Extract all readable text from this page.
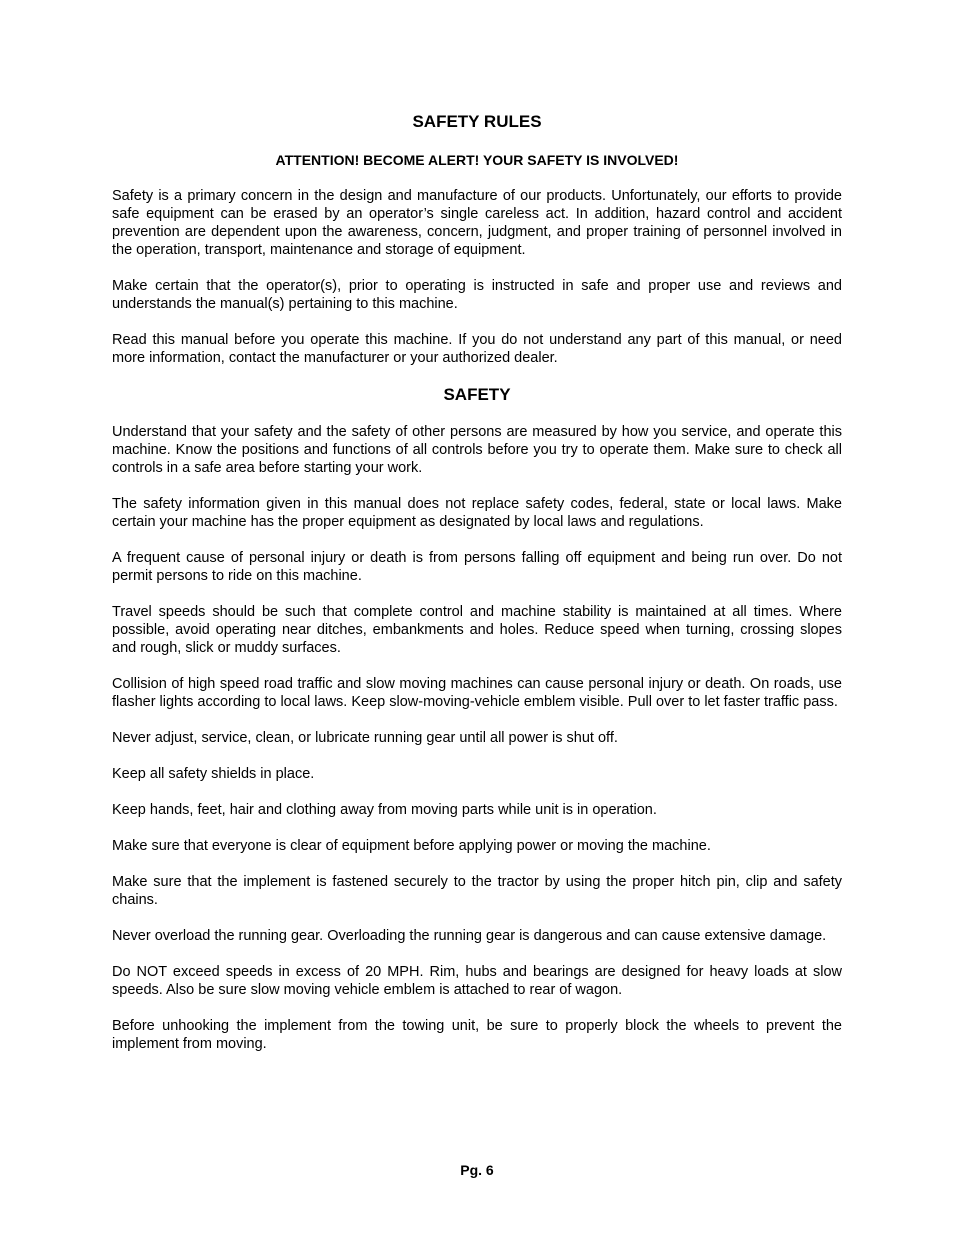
SAFETY RULES

ATTENTION! BECOME ALERT! YOUR SAFETY IS INVOLVED!

Safety is a primary concern in the design and manufacture of our products. Unfortunately, our efforts to provide safe equipment can be erased by an operator’s single careless act. In addition, hazard control and accident prevention are dependent upon the awareness, concern, judgment, and proper training of personnel involved in the operation, transport, maintenance and storage of equipment.

Make certain that the operator(s), prior to operating is instructed in safe and proper use and reviews and understands the manual(s) pertaining to this machine.

Read this manual before you operate this machine. If you do not understand any part of this manual, or need more information, contact the manufacturer or your authorized dealer.

SAFETY

Understand that your safety and the safety of other persons are measured by how you service, and operate this machine. Know the positions and functions of all controls before you try to operate them. Make sure to check all controls in a safe area before starting your work.

The safety information given in this manual does not replace safety codes, federal, state or local laws. Make certain your machine has the proper equipment as designated by local laws and regulations.

A frequent cause of personal injury or death is from persons falling off equipment and being run over. Do not permit persons to ride on this machine.

Travel speeds should be such that complete control and machine stability is maintained at all times. Where possible, avoid operating near ditches, embankments and holes. Reduce speed when turning, crossing slopes and rough, slick or muddy surfaces.

Collision of high speed road traffic and slow moving machines can cause personal injury or death. On roads, use flasher lights according to local laws. Keep slow-moving-vehicle emblem visible. Pull over to let faster traffic pass.

Never adjust, service, clean, or lubricate running gear until all power is shut off.

Keep all safety shields in place.

Keep hands, feet, hair and clothing away from moving parts while unit is in operation.

Make sure that everyone is clear of equipment before applying power or moving the machine.

Make sure that the implement is fastened securely to the tractor by using the proper hitch pin, clip and safety chains.

Never overload the running gear. Overloading the running gear is dangerous and can cause extensive damage.

Do NOT exceed speeds in excess of 20 MPH. Rim, hubs and bearings are designed for heavy loads at slow speeds. Also be sure slow moving vehicle emblem is attached to rear of wagon.

Before unhooking the implement from the towing unit, be sure to properly block the wheels to prevent the implement from moving.

Pg. 6
